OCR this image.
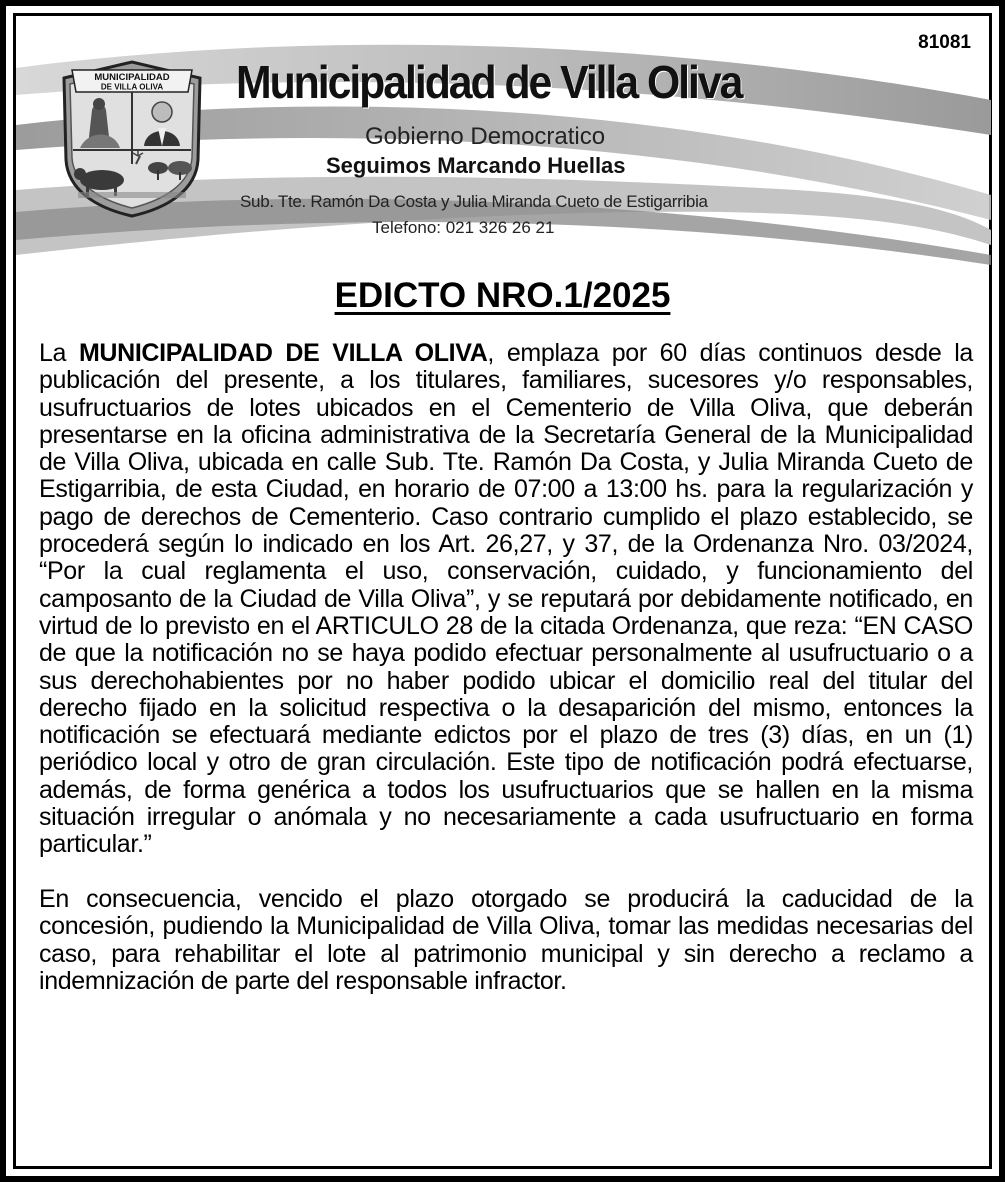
81081
MUNICIPALIDAD
DE VILLA OLIVA Municipalidad de Villa Oliva
Gobierno Democratico
Seguimos Marcando Huellas
Sub. Tte. Ramón Da Costa y Julia Miranda Cueto de Estigarribia
Telefono: 021 326 26 21
EDICTO NRO.1/2025

La MUNICIPALIDAD DE VILLA OLIVA, emplaza por 60 días continuos desde la publicación del presente, a los titulares, familiares, sucesores y/o responsables, usufructuarios de lotes ubicados en el Cementerio de Villa Oliva, que deberán presentarse en la oficina administrativa de la Secretaría General de la Municipalidad de Villa Oliva, ubicada en calle Sub. Tte. Ramón Da Costa, y Julia Miranda Cueto de Estigarribia, de esta Ciudad, en horario de 07:00 a 13:00 hs. para la regularización y pago de derechos de Cementerio. Caso contrario cumplido el plazo establecido, se procederá según lo indicado en los Art. 26,27, y 37, de la Ordenanza Nro. 03/2024, “Por la cual reglamenta el uso, conservación, cuidado, y funcionamiento del camposanto de la Ciudad de Villa Oliva”, y se reputará por debidamente notificado, en virtud de lo previsto en el ARTICULO 28 de la citada Ordenanza, que reza: “EN CASO de que la notificación no se haya podido efectuar personalmente al usufructuario o a sus derechohabientes por no haber podido ubicar el domicilio real del titular del derecho fijado en la solicitud respectiva o la desaparición del mismo, entonces la notificación se efectuará mediante edictos por el plazo de tres (3) días, en un (1) periódico local y otro de gran circulación. Este tipo de notificación podrá efectuarse, además, de forma genérica a todos los usufructuarios que se hallen en la misma situación irregular o anómala y no necesariamente a cada usufructuario en forma particular.”

En consecuencia, vencido el plazo otorgado se producirá la caducidad de la concesión, pudiendo la Municipalidad de Villa Oliva, tomar las medidas necesarias del caso, para rehabilitar el lote al patrimonio municipal y sin derecho a reclamo a indemnización de parte del responsable infractor.
